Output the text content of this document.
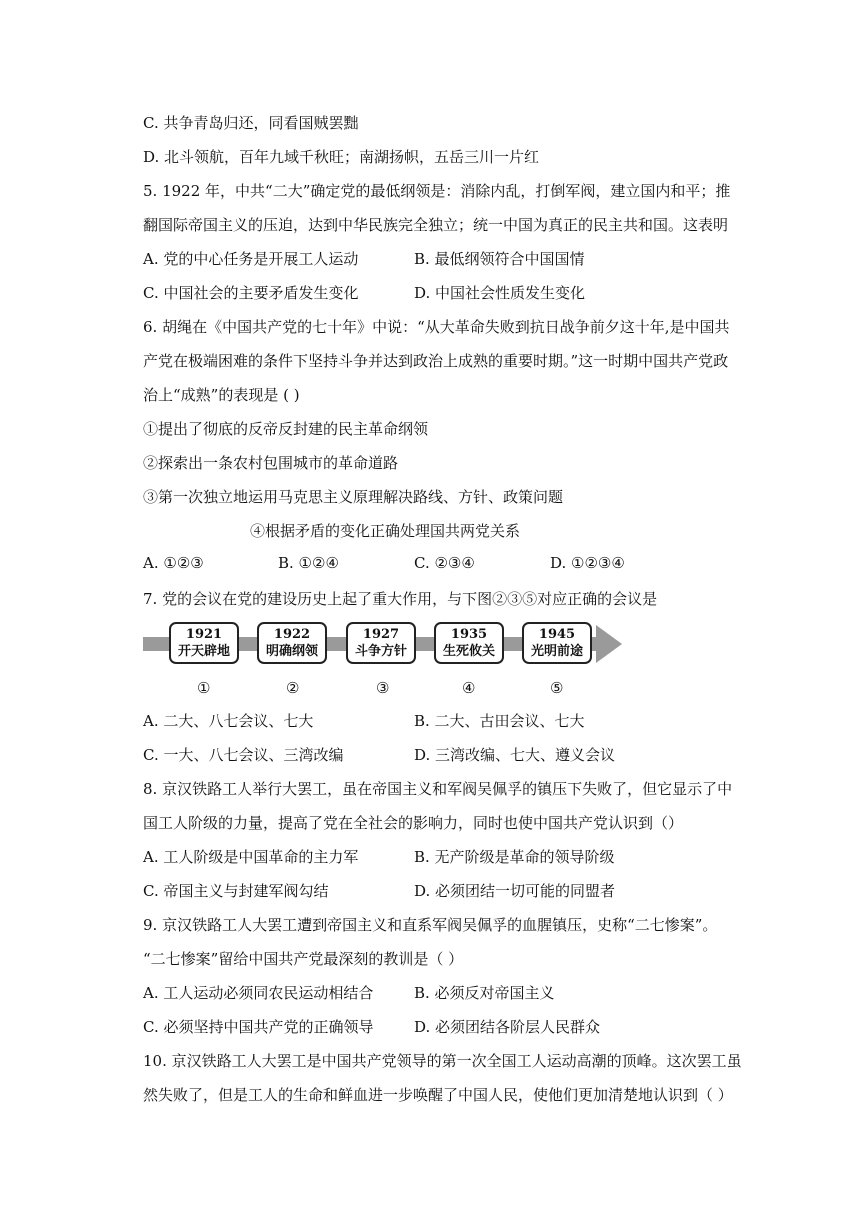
C. 共争青岛归还，同看国贼罢黜
D. 北斗领航，百年九域千秋旺；南湖扬帜，五岳三川一片红
5. 1922 年，中共“二大”确定党的最低纲领是：消除内乱，打倒军阀，建立国内和平；推
翻国际帝国主义的压迫，达到中华民族完全独立；统一中国为真正的民主共和国。这表明
A. 党的中心任务是开展工人运动	B. 最低纲领符合中国国情
C. 中国社会的主要矛盾发生变化	D. 中国社会性质发生变化
6. 胡绳在《中国共产党的七十年》中说：“从大革命失败到抗日战争前夕这十年,是中国共
产党在极端困难的条件下坚持斗争并达到政治上成熟的重要时期。”这一时期中国共产党政
治上“成熟”的表现是 ( )
①提出了彻底的反帝反封建的民主革命纲领
②探索出一条农村包围城市的革命道路
③第一次独立地运用马克思主义原理解决路线、方针、政策问题
④根据矛盾的变化正确处理国共两党关系
A. ①②③	B. ①②④	C. ②③④	D. ①②③④
7. 党的会议在党的建设历史上起了重大作用，与下图②③⑤对应正确的会议是
1921
开天辟地
1922
明确纲领
1927
斗争方针
1935
生死攸关
1945
光明前途
①	②	③	④	⑤
A. 二大、八七会议、七大	B. 二大、古田会议、七大
C. 一大、八七会议、三湾改编	D. 三湾改编、七大、遵义会议
8. 京汉铁路工人举行大罢工，虽在帝国主义和军阀吴佩孚的镇压下失败了，但它显示了中
国工人阶级的力量，提高了党在全社会的影响力，同时也使中国共产党认识到（）
A. 工人阶级是中国革命的主力军	B. 无产阶级是革命的领导阶级
C. 帝国主义与封建军阀勾结	D. 必须团结一切可能的同盟者
9. 京汉铁路工人大罢工遭到帝国主义和直系军阀吴佩孚的血腥镇压，史称“二七惨案”。
“二七惨案”留给中国共产党最深刻的教训是（ ）
A. 工人运动必须同农民运动相结合	B. 必须反对帝国主义
C. 必须坚持中国共产党的正确领导	D. 必须团结各阶层人民群众
10. 京汉铁路工人大罢工是中国共产党领导的第一次全国工人运动高潮的顶峰。这次罢工虽
然失败了，但是工人的生命和鲜血进一步唤醒了中国人民，使他们更加清楚地认识到（ ）
